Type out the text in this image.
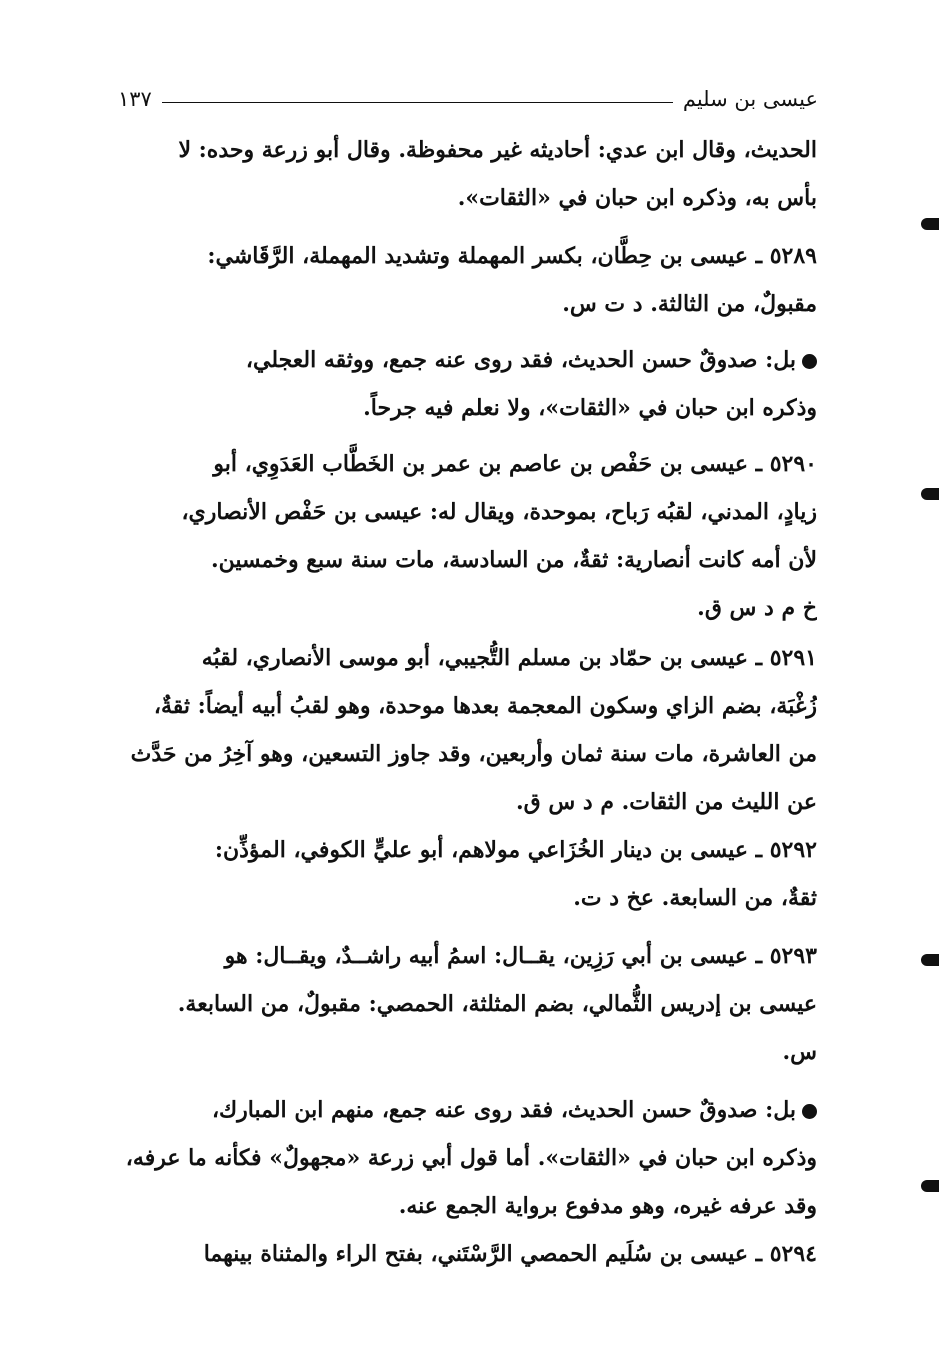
عيسى بن سليم
١٣٧
الحديث، وقال ابن عدي: أحاديثه غير محفوظة. وقال أبو زرعة وحده: لا
بأس به، وذكره ابن حبان في «الثقات».
٥٢٨٩ ـ عيسى بن حِطَّان، بكسر المهملة وتشديد المهملة، الرَّقَاشي:
مقبولٌ، من الثالثة. د ت س.
بل: صدوقٌ حسن الحديث، فقد روى عنه جمع، ووثقه العجلي،
وذكره ابن حبان في «الثقات»، ولا نعلم فيه جرحاً.
٥٢٩٠ ـ عيسى بن حَفْص بن عاصم بن عمر بن الخَطَّاب العَدَوِي، أبو
زيادٍ، المدني، لقبُه رَباح، بموحدة، ويقال له: عيسى بن حَفْص الأنصاري،
لأن أمه كانت أنصارية: ثقةٌ، من السادسة، مات سنة سبع وخمسين.
خ م د س ق.
٥٢٩١ ـ عيسى بن حمّاد بن مسلم التُّجيبي، أبو موسى الأنصاري، لقبُه
زُغْبَة، بضم الزاي وسكون المعجمة بعدها موحدة، وهو لقبُ أبيه أيضاً: ثقةٌ،
من العاشرة، مات سنة ثمان وأربعين، وقد جاوز التسعين، وهو آخِرُ من حَدَّث
عن الليث من الثقات. م د س ق.
٥٢٩٢ ـ عيسى بن دينار الخُزَاعي مولاهم، أبو عليٍّ الكوفي، المؤذِّن:
ثقةٌ، من السابعة. عخ د ت.
٥٢٩٣ ـ عيسى بن أبي رَزِين، يقــال: اسمُ أبيه راشــدٌ، ويقــال: هو
عيسى بن إدريس الثُّمالي، بضم المثلثة، الحمصي: مقبولٌ، من السابعة.
س.
بل: صدوقٌ حسن الحديث، فقد روى عنه جمع، منهم ابن المبارك،
وذكره ابن حبان في «الثقات». أما قول أبي زرعة «مجهولٌ» فكأنه ما عرفه،
وقد عرفه غيره، وهو مدفوع برواية الجمع عنه.
٥٢٩٤ ـ عيسى بن سُلَيم الحمصي الرَّسْتَني، بفتح الراء والمثناة بينهما
